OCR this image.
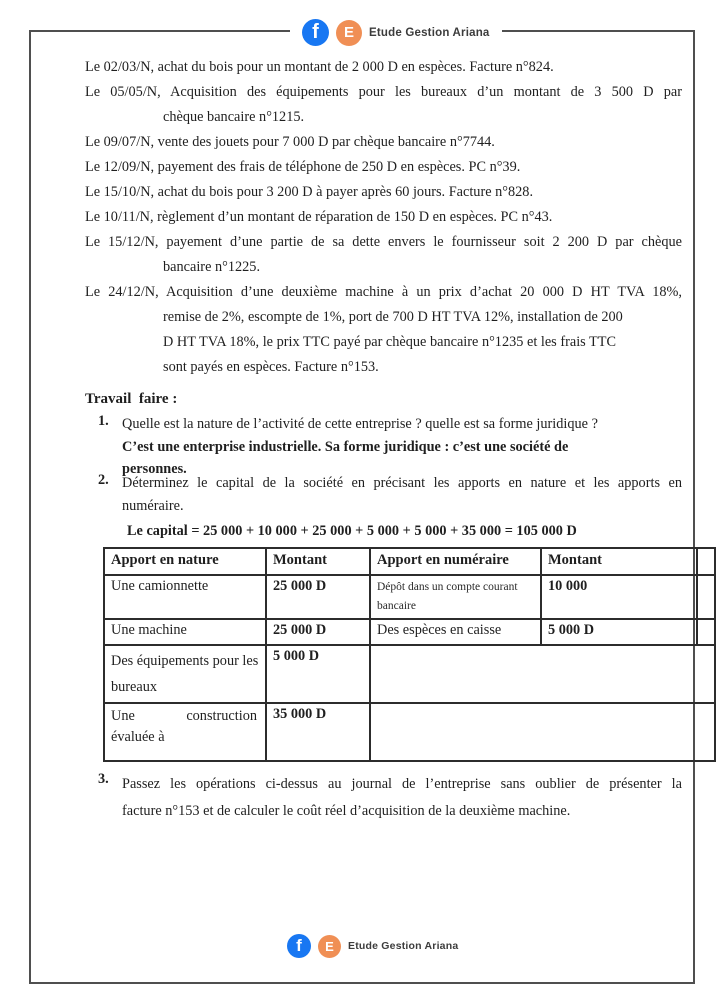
f	E	Etude Gestion Ariana
Le 02/03/N, achat du bois pour un montant de 2 000 D en espèces. Facture n°824.
Le 05/05/N, Acquisition des équipements pour les bureaux d’un montant de 3 500 D par
chèque bancaire n°1215.
Le 09/07/N, vente des jouets pour 7 000 D par chèque bancaire n°7744.
Le 12/09/N, payement des frais de téléphone de 250 D en espèces. PC n°39.
Le 15/10/N, achat du bois pour 3 200 D à payer après 60 jours. Facture n°828.
Le 10/11/N, règlement d’un montant de réparation de 150 D en espèces. PC n°43.
Le 15/12/N, payement d’une partie de sa dette envers le fournisseur soit 2 200 D par chèque
bancaire n°1225.
Le 24/12/N, Acquisition d’une deuxième machine à un prix d’achat 20 000 D HT TVA 18%,
remise de 2%, escompte de 1%, port de 700 D HT TVA 12%, installation de 200
D HT TVA 18%, le prix TTC payé par chèque bancaire n°1235 et les frais TTC
sont payés en espèces. Facture n°153.
Travail  faire :
1. Quelle est la nature de l’activité de cette entreprise ? quelle est sa forme juridique ?
C’est une enterprise industrielle. Sa forme juridique : c’est une société de
personnes.
2. Déterminez le capital de la société en précisant les apports en nature et les apports en
numéraire.
Le capital = 25 000 + 10 000 + 25 000 + 5 000 + 5 000 + 35 000 = 105 000 D
Apport en nature	Montant	Apport en numéraire	Montant	
Une camionnette	25 000 D	Dépôt dans un compte courant bancaire	10 000	
Une machine	25 000 D	Des espèces en caisse	5 000 D	
Des équipements pour les bureaux	5 000 D			

Une construction
évaluée à	35 000 D			
3. Passez les opérations ci-dessus au journal de l’entreprise sans oublier de présenter la
facture n°153 et de calculer le coût réel d’acquisition de la deuxième machine.
f	E	Etude Gestion Ariana
